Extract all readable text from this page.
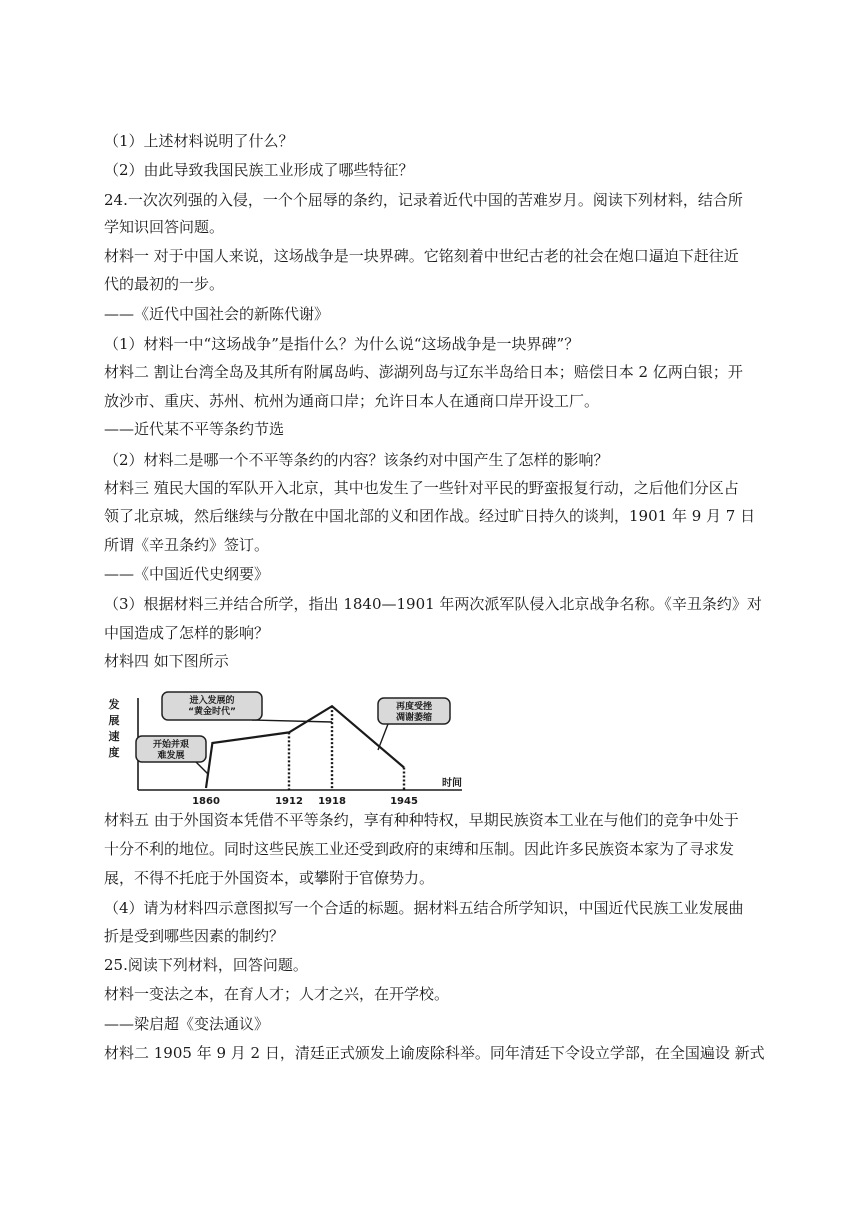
（1）上述材料说明了什么？
（2）由此导致我国民族工业形成了哪些特征？
24.一次次列强的入侵，一个个屈辱的条约，记录着近代中国的苦难岁月。阅读下列材料，结合所
学知识回答问题。
材料一 对于中国人来说，这场战争是一块界碑。它铭刻着中世纪古老的社会在炮口逼迫下赶往近
代的最初的一步。
——《近代中国社会的新陈代谢》
（1）材料一中“这场战争”是指什么？为什么说“这场战争是一块界碑”？
材料二 割让台湾全岛及其所有附属岛屿、澎湖列岛与辽东半岛给日本；赔偿日本 2 亿两白银；开
放沙市、重庆、苏州、杭州为通商口岸；允许日本人在通商口岸开设工厂。
——近代某不平等条约节选
（2）材料二是哪一个不平等条约的内容？该条约对中国产生了怎样的影响？
材料三 殖民大国的军队开入北京，其中也发生了一些针对平民的野蛮报复行动，之后他们分区占
领了北京城，然后继续与分散在中国北部的义和团作战。经过旷日持久的谈判，1901 年 9 月 7 日
所谓《辛丑条约》签订。
——《中国近代史纲要》
（3）根据材料三并结合所学，指出 1840—1901 年两次派军队侵入北京战争名称。《辛丑条约》对
中国造成了怎样的影响？
材料四 如下图所示
发
展
速
度
时间
1860	1912 1918	1945
开始并艰
难发展
进入发展的
“黄金时代”	再度受挫
凋谢萎缩
材料五 由于外国资本凭借不平等条约，享有种种特权，早期民族资本工业在与他们的竞争中处于
十分不利的地位。同时这些民族工业还受到政府的束缚和压制。因此许多民族资本家为了寻求发
展，不得不托庇于外国资本，或攀附于官僚势力。
（4）请为材料四示意图拟写一个合适的标题。据材料五结合所学知识，中国近代民族工业发展曲
折是受到哪些因素的制约？
25.阅读下列材料，回答问题。
材料一变法之本，在育人才；人才之兴，在开学校。
——梁启超《变法通议》
材料二 1905 年 9 月 2 日，清廷正式颁发上谕废除科举。同年清廷下令设立学部，在全国遍设 新式
